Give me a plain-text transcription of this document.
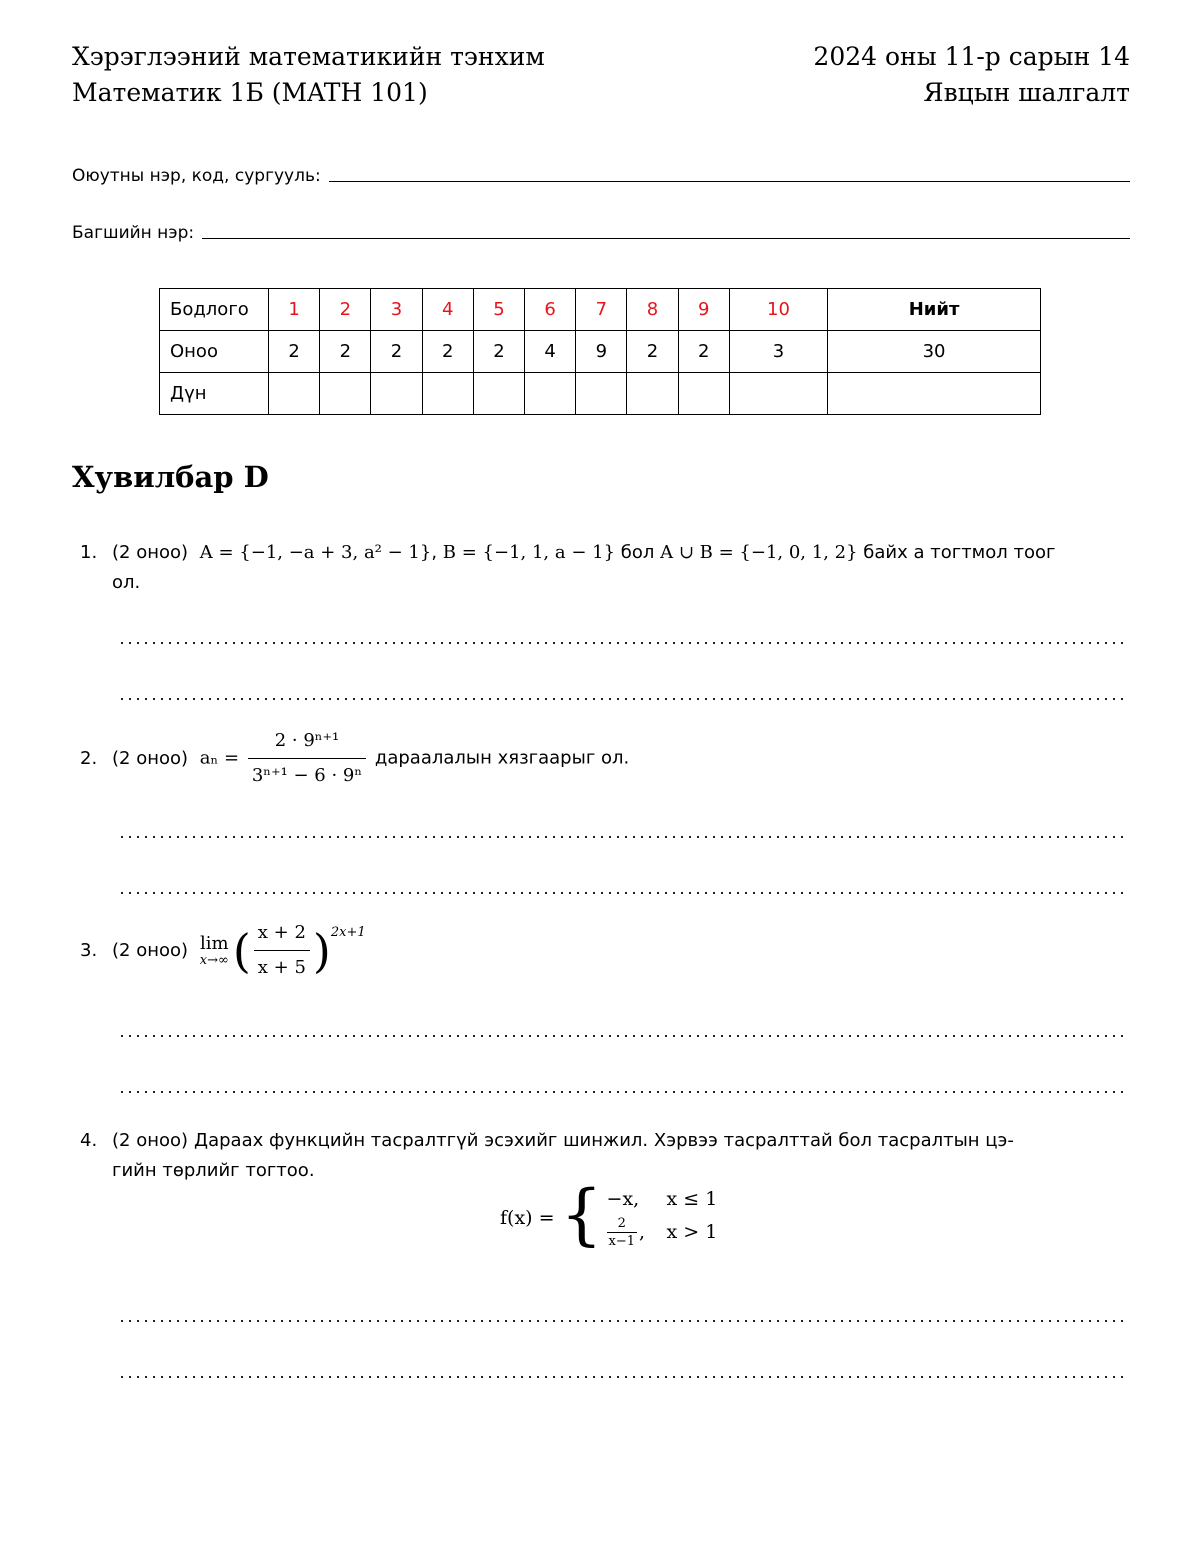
Хэрэглээний математикийн тэнхим
Математик 1Б (MATH 101)
2024 оны 11-р сарын 14
Явцын шалгалт
Оюутны нэр, код, сургууль:
Багшийн нэр:
Бодлого	1	2	3	4	5	6	7	8	9	10	Нийт
Оноо	2	2	2	2	2	4	9	2	2	3	30
Дүн											
Хувилбар D
1. (2 оноо) A = {−1, −a + 3, a² − 1}, B = {−1, 1, a − 1} бол A ∪ B = {−1, 0, 1, 2} байх a тогтмол тоог
ол.
2. (2 оноо) $a_n = \frac{\text{2 · 9ⁿ⁺¹}}{\text{3ⁿ⁺¹ − 6 · 9ⁿ}}$ дараалалын хязгаарыг ол.
3. (2 оноо) lim
x→∞ ( $\frac{x + 2}{x + 5}$ ) 2x+1
4. (2 оноо) Дараах функцийн тасралтгүй эсэхийг шинжил. Хэрвээ тасралттай бол тасралтын цэ-
гийн төрлийг тогтоо.
f(x) = { −x,	x ≤ 1
$\frac{2}{x-1}$ ,	x > 1
